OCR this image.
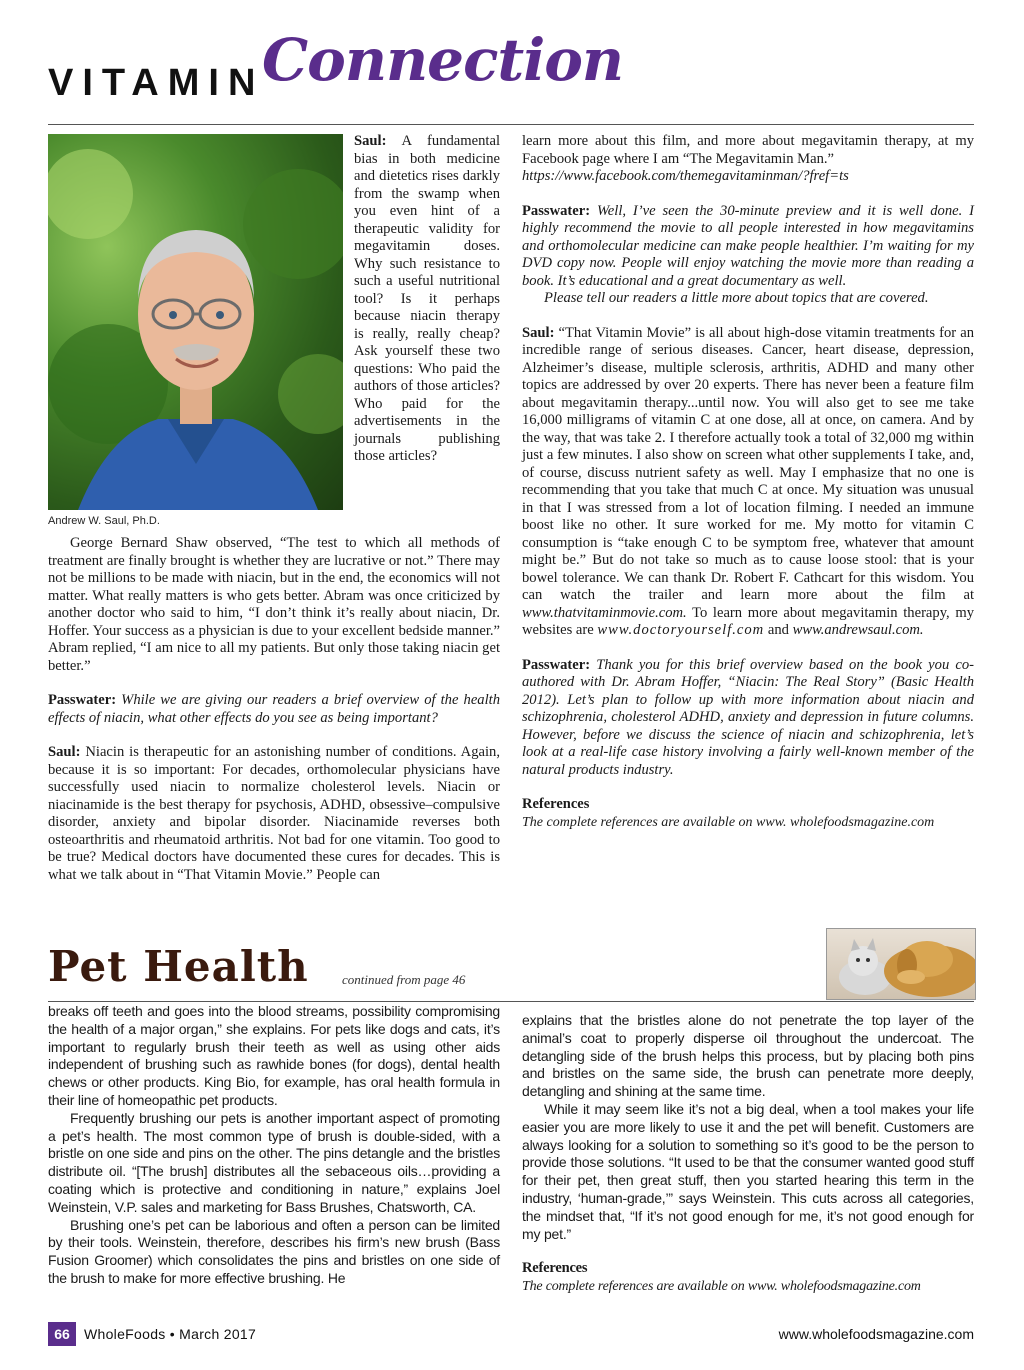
VITAMIN
Connection
Andrew W. Saul, Ph.D.

Saul: A fundamental bias in both medicine and dietetics rises darkly from the swamp when you even hint of a therapeutic validity for megavitamin doses. Why such resistance to such a useful nutritional tool? Is it perhaps because niacin therapy is really, really cheap? Ask yourself these two questions: Who paid the authors of those articles? Who paid for the advertisements in the journals publishing those articles?

George Bernard Shaw observed, “The test to which all methods of treatment are finally brought is whether they are lucrative or not.” There may not be millions to be made with niacin, but in the end, the economics will not matter. What really matters is who gets better. Abram was once criticized by another doctor who said to him, “I don’t think it’s really about niacin, Dr. Hoffer. Your success as a physician is due to your excellent bedside manner.” Abram replied, “I am nice to all my patients. But only those taking niacin get better.”

Passwater: While we are giving our readers a brief overview of the health effects of niacin, what other effects do you see as being important?

Saul: Niacin is therapeutic for an astonishing number of conditions. Again, because it is so important: For decades, orthomolecular physicians have successfully used niacin to normalize cholesterol levels. Niacin or niacinamide is the best therapy for psychosis, ADHD, obsessive–compulsive disorder, anxiety and bipolar disorder. Niacinamide reverses both osteoarthritis and rheumatoid arthritis. Not bad for one vitamin. Too good to be true? Medical doctors have documented these cures for decades. This is what we talk about in “That Vitamin Movie.” People can

learn more about this film, and more about megavitamin therapy, at my Facebook page where I am “The Megavitamin Man.”

https://www.facebook.com/themegavitaminman/?fref=ts

Passwater: Well, I’ve seen the 30-minute preview and it is well done. I highly recommend the movie to all people interested in how megavitamins and orthomolecular medicine can make people healthier. I’m waiting for my DVD copy now. People will enjoy watching the movie more than reading a book. It’s educational and a great documentary as well.

Please tell our readers a little more about topics that are covered.

Saul: “That Vitamin Movie” is all about high-dose vitamin treatments for an incredible range of serious diseases. Cancer, heart disease, depression, Alzheimer’s disease, multiple sclerosis, arthritis, ADHD and many other topics are addressed by over 20 experts. There has never been a feature film about megavitamin therapy...until now. You will also get to see me take 16,000 milligrams of vitamin C at one dose, all at once, on camera. And by the way, that was take 2. I therefore actually took a total of 32,000 mg within just a few minutes. I also show on screen what other supplements I take, and, of course, discuss nutrient safety as well. May I emphasize that no one is recommending that you take that much C at once. My situation was unusual in that I was stressed from a lot of location filming. I needed an immune boost like no other. It sure worked for me. My motto for vitamin C consumption is “take enough C to be symptom free, whatever that amount might be.” But do not take so much as to cause loose stool: that is your bowel tolerance. We can thank Dr. Robert F. Cathcart for this wisdom. You can watch the trailer and learn more about the film at www.thatvitaminmovie.com. To learn more about megavitamin therapy, my websites are www.doctoryourself.com and www.andrewsaul.com.

Passwater: Thank you for this brief overview based on the book you co-authored with Dr. Abram Hoffer, “Niacin: The Real Story” (Basic Health 2012). Let’s plan to follow up with more information about niacin and schizophrenia, cholesterol ADHD, anxiety and depression in future columns. However, before we discuss the science of niacin and schizophrenia, let’s look at a real-life case history involving a fairly well-known member of the natural products industry.

References

The complete references are available on www. wholefoodsmagazine.com

Pet Health	continued from page 46

breaks off teeth and goes into the blood streams, possibility compromising the health of a major organ,” she explains. For pets like dogs and cats, it’s important to regularly brush their teeth as well as using other aids independent of brushing such as rawhide bones (for dogs), dental health chews or other products. King Bio, for example, has oral health formula in their line of homeopathic pet products.

Frequently brushing our pets is another important aspect of promoting a pet’s health. The most common type of brush is double-sided, with a bristle on one side and pins on the other. The pins detangle and the bristles distribute oil. “[The brush] distributes all the sebaceous oils…providing a coating which is protective and conditioning in nature,” explains Joel Weinstein, V.P. sales and marketing for Bass Brushes, Chatsworth, CA.

Brushing one’s pet can be laborious and often a person can be limited by their tools. Weinstein, therefore, describes his firm’s new brush (Bass Fusion Groomer) which consolidates the pins and bristles on one side of the brush to make for more effective brushing. He

explains that the bristles alone do not penetrate the top layer of the animal’s coat to properly disperse oil throughout the undercoat. The detangling side of the brush helps this process, but by placing both pins and bristles on the same side, the brush can penetrate more deeply, detangling and shining at the same time.

While it may seem like it’s not a big deal, when a tool makes your life easier you are more likely to use it and the pet will benefit. Customers are always looking for a solution to something so it’s good to be the person to provide those solutions. “It used to be that the consumer wanted good stuff for their pet, then great stuff, then you started hearing this term in the industry, ‘human-grade,’” says Weinstein. This cuts across all categories, the mindset that, “If it’s not good enough for me, it’s not good enough for my pet.”

References

The complete references are available on www. wholefoodsmagazine.com

66	WholeFoods • March 2017	www.wholefoodsmagazine.com
